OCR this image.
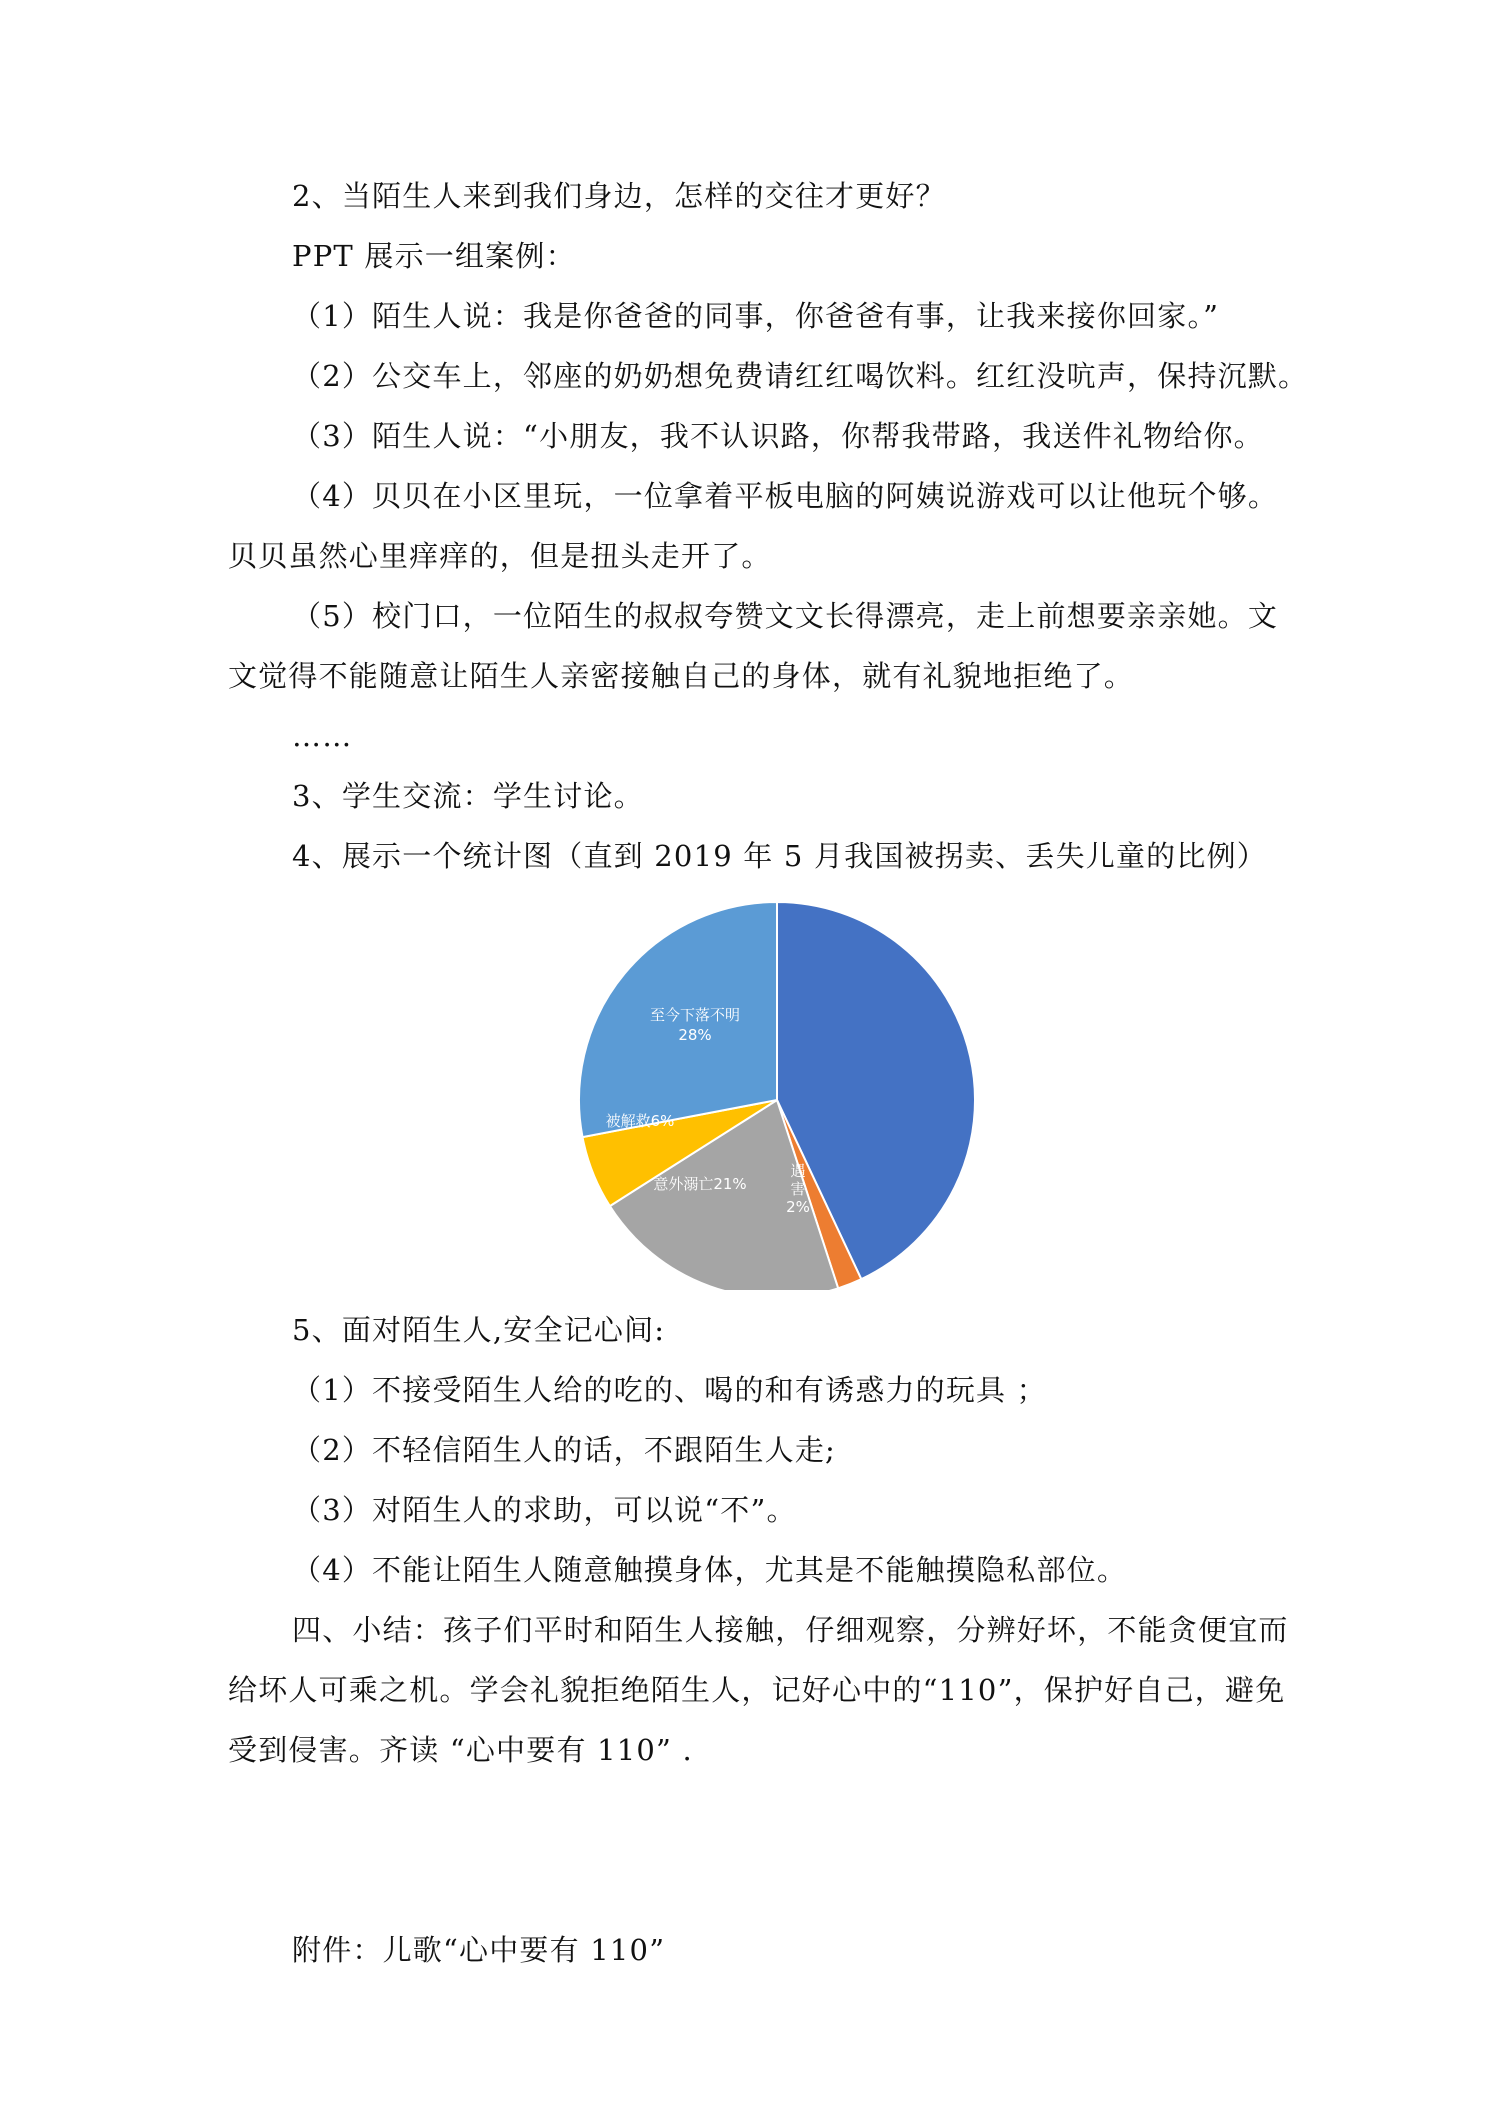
2、当陌生人来到我们身边，怎样的交往才更好？
PPT 展示一组案例：
（1）陌生人说：我是你爸爸的同事，你爸爸有事，让我来接你回家。”
（2）公交车上，邻座的奶奶想免费请红红喝饮料。红红没吭声，保持沉默。
（3）陌生人说：“小朋友，我不认识路，你帮我带路，我送件礼物给你。
（4）贝贝在小区里玩，一位拿着平板电脑的阿姨说游戏可以让他玩个够。
贝贝虽然心里痒痒的，但是扭头走开了。
（5）校门口，一位陌生的叔叔夸赞文文长得漂亮，走上前想要亲亲她。文
文觉得不能随意让陌生人亲密接触自己的身体，就有礼貌地拒绝了。
……
3、学生交流：学生讨论。
4、展示一个统计图（直到 2019 年 5 月我国被拐卖、丢失儿童的比例）
遇
害
2%
意外溺亡21%
被解救6%
至今下落不明
28%
5、面对陌生人,安全记心间:
（1）不接受陌生人给的吃的、喝的和有诱惑力的玩具 ；
（2）不轻信陌生人的话，不跟陌生人走;
（3）对陌生人的求助，可以说“不”。
（4）不能让陌生人随意触摸身体，尤其是不能触摸隐私部位。
四、小结：孩子们平时和陌生人接触，仔细观察，分辨好坏，不能贪便宜而
给坏人可乘之机。学会礼貌拒绝陌生人，记好心中的“110”，保护好自己，避免
受到侵害。齐读 “心中要有 110” .
附件：儿歌“心中要有 110”
